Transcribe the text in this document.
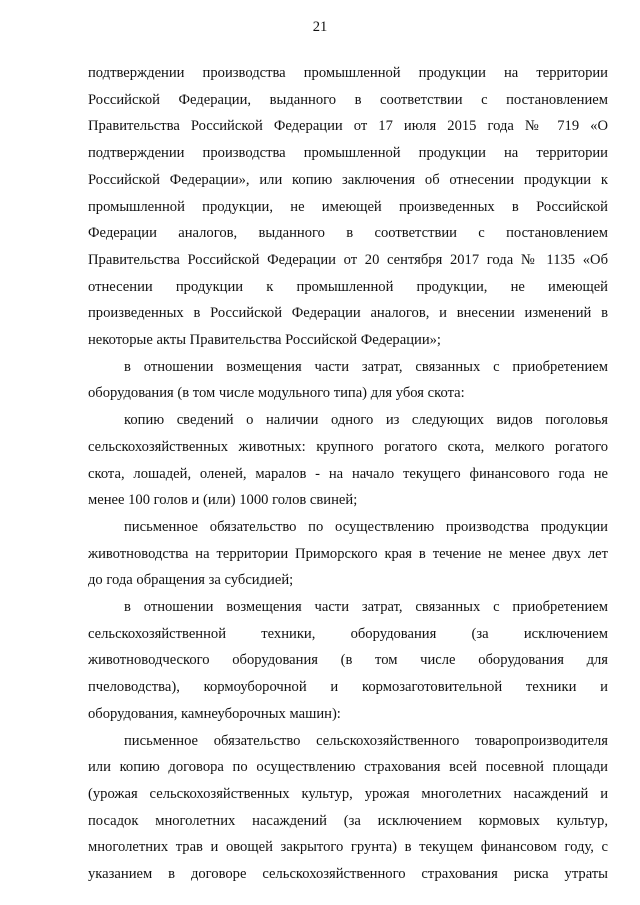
21
подтверждении производства промышленной продукции на территории
Российской Федерации, выданного в соответствии с постановлением
Правительства Российской Федерации от 17 июля 2015 года № 719 «О
подтверждении производства промышленной продукции на территории
Российской Федерации», или копию заключения об отнесении продукции к
промышленной продукции, не имеющей произведенных в Российской
Федерации аналогов, выданного в соответствии с постановлением
Правительства Российской Федерации от 20 сентября 2017 года № 1135 «Об
отнесении продукции к промышленной продукции, не имеющей
произведенных в Российской Федерации аналогов, и внесении изменений в
некоторые акты Правительства Российской Федерации»;
в отношении возмещения части затрат, связанных с приобретением
оборудования (в том числе модульного типа) для убоя скота:
копию сведений о наличии одного из следующих видов поголовья
сельскохозяйственных животных: крупного рогатого скота, мелкого рогатого
скота, лошадей, оленей, маралов - на начало текущего финансового года не
менее 100 голов и (или) 1000 голов свиней;
письменное обязательство по осуществлению производства продукции
животноводства на территории Приморского края в течение не менее двух лет
до года обращения за субсидией;
в отношении возмещения части затрат, связанных с приобретением
сельскохозяйственной техники, оборудования (за исключением
животноводческого оборудования (в том числе оборудования для
пчеловодства), кормоуборочной и кормозаготовительной техники и
оборудования, камнеуборочных машин):
письменное обязательство сельскохозяйственного товаропроизводителя
или копию договора по осуществлению страхования всей посевной площади
(урожая сельскохозяйственных культур, урожая многолетних насаждений и
посадок многолетних насаждений (за исключением кормовых культур,
многолетних трав и овощей закрытого грунта) в текущем финансовом году, с
указанием в договоре сельскохозяйственного страхования риска утраты
